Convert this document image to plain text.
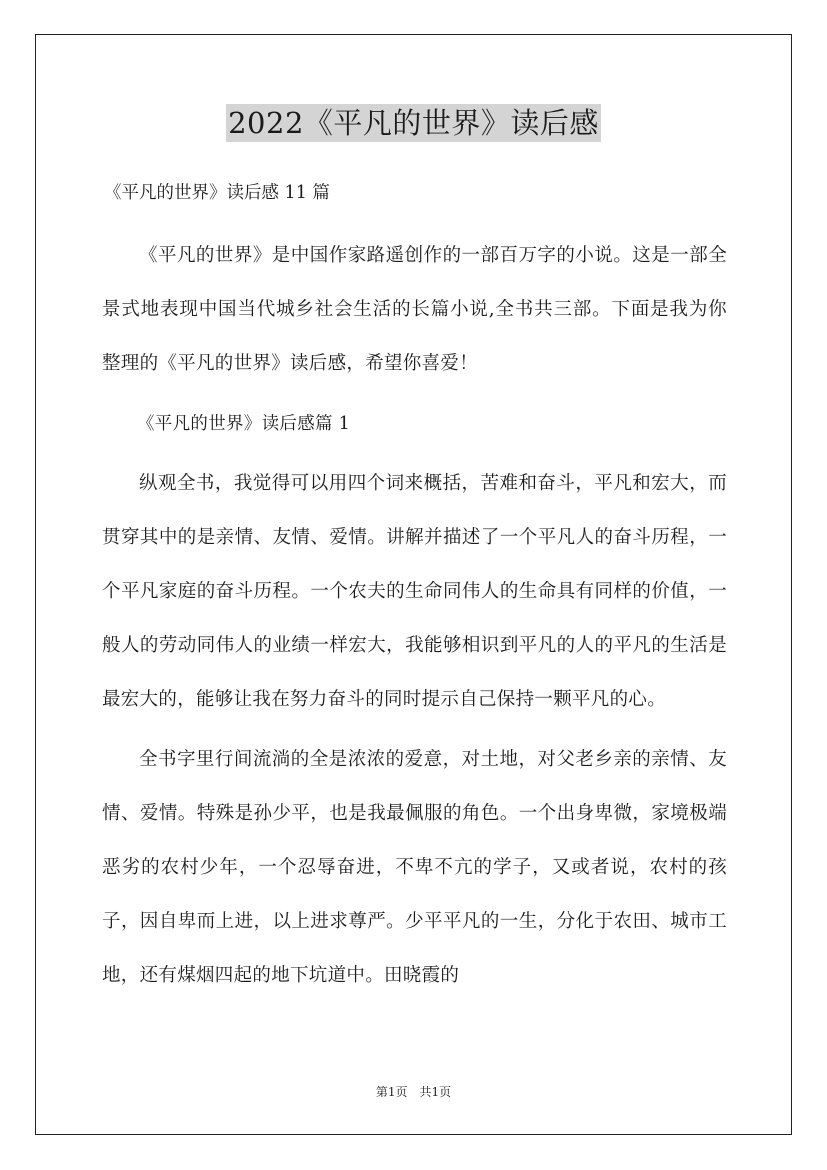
2022《平凡的世界》读后感
《平凡的世界》读后感 11 篇

《平凡的世界》是中国作家路遥创作的一部百万字的小说。这是一部全景式地表现中国当代城乡社会生活的长篇小说,全书共三部。下面是我为你整理的《平凡的世界》读后感，希望你喜爱！

《平凡的世界》读后感篇 1

纵观全书，我觉得可以用四个词来概括，苦难和奋斗，平凡和宏大，而贯穿其中的是亲情、友情、爱情。讲解并描述了一个平凡人的奋斗历程，一个平凡家庭的奋斗历程。一个农夫的生命同伟人的生命具有同样的价值，一般人的劳动同伟人的业绩一样宏大，我能够相识到平凡的人的平凡的生活是最宏大的，能够让我在努力奋斗的同时提示自己保持一颗平凡的心。

全书字里行间流淌的全是浓浓的爱意，对土地，对父老乡亲的亲情、友情、爱情。特殊是孙少平，也是我最佩服的角色。一个出身卑微，家境极端恶劣的农村少年，一个忍辱奋进，不卑不亢的学子，又或者说，农村的孩子，因自卑而上进，以上进求尊严。少平平凡的一生，分化于农田、城市工地，还有煤烟四起的地下坑道中。田晓霞的

第1页　共1页
